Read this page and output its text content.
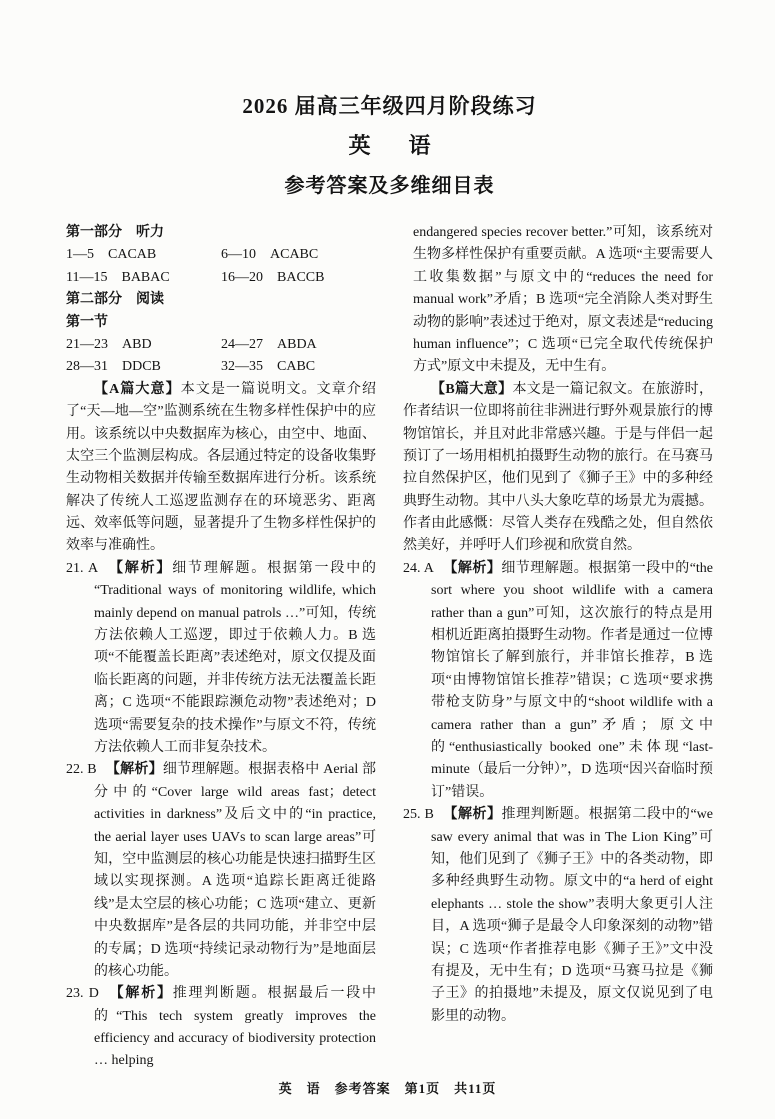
2026 届高三年级四月阶段练习
英　语
参考答案及多维细目表

第一部分　听力

1—5　CACAB	6—10　ACABC
11—15　BABAC	16—20　BACCB

第二部分　阅读

第一节

21—23　ABD	24—27　ABDA
28—31　DDCB	32—35　CABC

【A篇大意】本文是一篇说明文。文章介绍了“天—地—空”监测系统在生物多样性保护中的应用。该系统以中央数据库为核心，由空中、地面、太空三个监测层构成。各层通过特定的设备收集野生动物相关数据并传输至数据库进行分析。该系统解决了传统人工巡逻监测存在的环境恶劣、距离远、效率低等问题，显著提升了生物多样性保护的效率与准确性。

21. A 【解析】细节理解题。根据第一段中的 “Traditional ways of monitoring wildlife, which mainly depend on manual patrols …”可知，传统方法依赖人工巡逻，即过于依赖人力。B 选项“不能覆盖长距离”表述绝对，原文仅提及面临长距离的问题，并非传统方法无法覆盖长距离；C 选项“不能跟踪濒危动物”表述绝对；D 选项“需要复杂的技术操作”与原文不符，传统方法依赖人工而非复杂技术。

22. B 【解析】细节理解题。根据表格中 Aerial 部分中的“Cover large wild areas fast；detect activities in darkness”及后文中的“in practice, the aerial layer uses UAVs to scan large areas”可知，空中监测层的核心功能是快速扫描野生区域以实现探测。A 选项“追踪长距离迁徙路线”是太空层的核心功能；C 选项“建立、更新中央数据库”是各层的共同功能，并非空中层的专属；D 选项“持续记录动物行为”是地面层的核心功能。

23. D 【解析】推理判断题。根据最后一段中的“This tech system greatly improves the efficiency and accuracy of biodiversity protection … helping

endangered species recover better.”可知，该系统对生物多样性保护有重要贡献。A 选项“主要需要人工收集数据”与原文中的“reduces the need for manual work”矛盾；B 选项“完全消除人类对野生动物的影响”表述过于绝对，原文表述是“reducing human influence”；C 选项“已完全取代传统保护方式”原文中未提及，无中生有。

【B篇大意】本文是一篇记叙文。在旅游时，作者结识一位即将前往非洲进行野外观景旅行的博物馆馆长，并且对此非常感兴趣。于是与伴侣一起预订了一场用相机拍摄野生动物的旅行。在马赛马拉自然保护区，他们见到了《狮子王》中的多种经典野生动物。其中八头大象吃草的场景尤为震撼。作者由此感慨：尽管人类存在残酷之处，但自然依然美好，并呼吁人们珍视和欣赏自然。

24. A 【解析】细节理解题。根据第一段中的“the sort where you shoot wildlife with a camera rather than a gun”可知，这次旅行的特点是用相机近距离拍摄野生动物。作者是通过一位博物馆馆长了解到旅行，并非馆长推荐，B 选项“由博物馆馆长推荐”错误；C 选项“要求携带枪支防身”与原文中的“shoot wildlife with a camera rather than a gun”矛盾；原文中的“enthusiastically booked one”未体现“last-minute（最后一分钟）”，D 选项“因兴奋临时预订”错误。

25. B 【解析】推理判断题。根据第二段中的“we saw every animal that was in The Lion King”可知，他们见到了《狮子王》中的各类动物，即多种经典野生动物。原文中的“a herd of eight elephants … stole the show”表明大象更引人注目，A 选项“狮子是最令人印象深刻的动物”错误；C 选项“作者推荐电影《狮子王》”文中没有提及，无中生有；D 选项“马赛马拉是《狮子王》的拍摄地”未提及，原文仅说见到了电影里的动物。

英　语　参考答案　第1页　共11页
